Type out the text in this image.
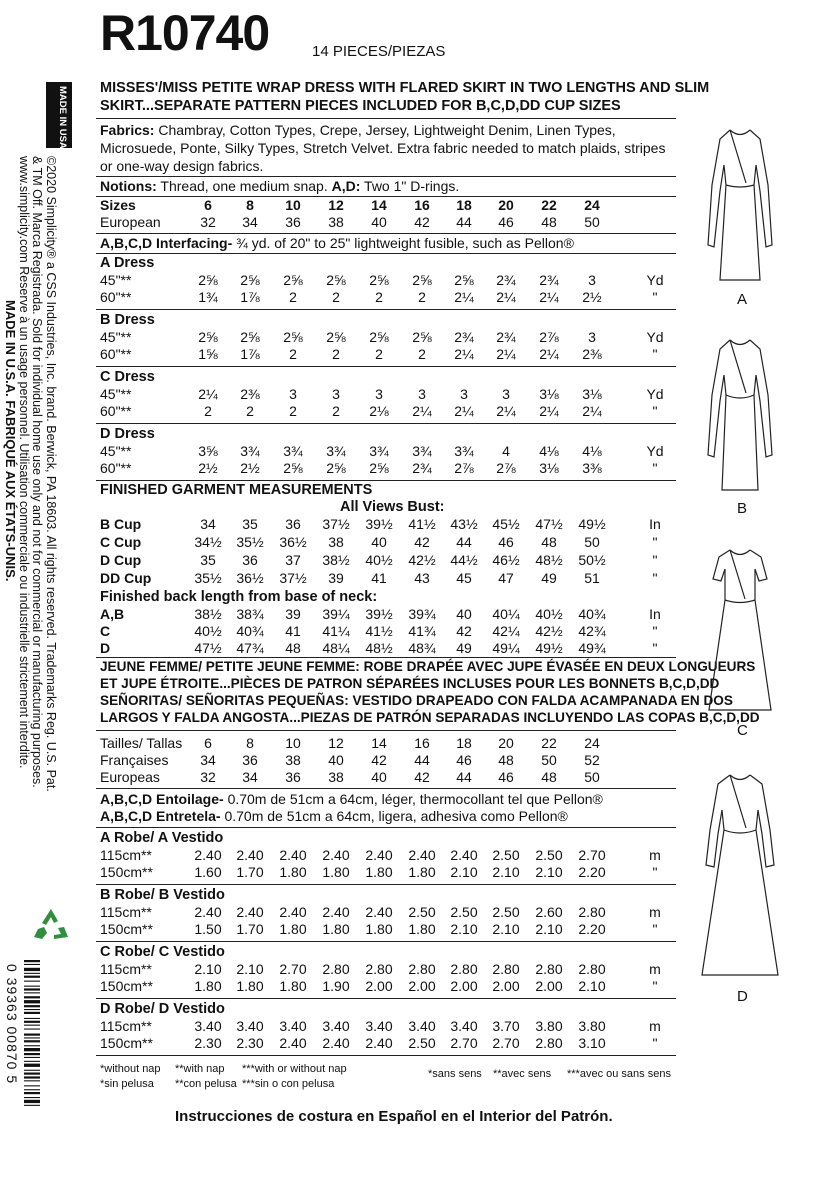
R10740	14 PIECES/PIEZAS
MISSES'/MISS PETITE WRAP DRESS WITH FLARED SKIRT IN TWO LENGTHS AND SLIM
SKIRT...SEPARATE PATTERN PIECES INCLUDED FOR B,C,D,DD CUP SIZES
Fabrics: Chambray, Cotton Types, Crepe, Jersey, Lightweight Denim, Linen Types,
Microsuede, Ponte, Silky Types, Stretch Velvet. Extra fabric needed to match plaids, stripes
or one-way design fabrics.
Notions: Thread, one medium snap. A,D: Two 1" D-rings.
Sizes	6	8	10	12	14	16	18	20	22	24
European	32	34	36	38	40	42	44	46	48	50
A,B,C,D Interfacing- ¾ yd. of 20" to 25" lightweight fusible, such as Pellon®
A Dress
45"**	2⅝	2⅝	2⅝	2⅝	2⅝	2⅝	2⅝	2¾	2¾	3	Yd
60"**	1¾	1⅞	2	2	2	2	2¼	2¼	2¼	2½	"
B Dress
45"**	2⅝	2⅝	2⅝	2⅝	2⅝	2⅝	2¾	2¾	2⅞	3	Yd
60"**	1⅝	1⅞	2	2	2	2	2¼	2¼	2¼	2⅜	"
C Dress
45"**	2¼	2⅜	3	3	3	3	3	3	3⅛	3⅛	Yd
60"**	2	2	2	2	2⅛	2¼	2¼	2¼	2¼	2¼	"
D Dress
45"**	3⅝	3¾	3¾	3¾	3¾	3¾	3¾	4	4⅛	4⅛	Yd
60"**	2½	2½	2⅝	2⅝	2⅝	2¾	2⅞	2⅞	3⅛	3⅜	"
FINISHED GARMENT MEASUREMENTS
All Views Bust:
B Cup	34	35	36	37½	39½	41½	43½	45½	47½	49½	In
C Cup	34½	35½	36½	38	40	42	44	46	48	50	"
D Cup	35	36	37	38½	40½	42½	44½	46½	48½	50½	"
DD Cup	35½	36½	37½	39	41	43	45	47	49	51	"
Finished back length from base of neck:
A,B	38½	38¾	39	39¼	39½	39¾	40	40¼	40½	40¾	In
C	40½	40¾	41	41¼	41½	41¾	42	42¼	42½	42¾	"
D	47½	47¾	48	48¼	48½	48¾	49	49¼	49½	49¾	"
JEUNE FEMME/ PETITE JEUNE FEMME: ROBE DRAPÉE AVEC JUPE ÉVASÉE EN DEUX LONGUEURS
ET JUPE ÉTROITE...PIÈCES DE PATRON SÉPARÉES INCLUSES POUR LES BONNETS B,C,D,DD
SEÑORITAS/ SEÑORITAS PEQUEÑAS: VESTIDO DRAPEADO CON FALDA ACAMPANADA EN DOS
LARGOS Y FALDA ANGOSTA...PIEZAS DE PATRÓN SEPARADAS INCLUYENDO LAS COPAS B,C,D,DD
Tailles/ Tallas	6	8	10	12	14	16	18	20	22	24
Françaises	34	36	38	40	42	44	46	48	50	52
Europeas	32	34	36	38	40	42	44	46	48	50
A,B,C,D Entoilage- 0.70m de 51cm a 64cm, léger, thermocollant tel que Pellon®
A,B,C,D Entretela- 0.70m de 51cm a 64cm, ligera, adhesiva como Pellon®
A Robe/ A Vestido
115cm**	2.40	2.40	2.40	2.40	2.40	2.40	2.40	2.50	2.50	2.70	m
150cm**	1.60	1.70	1.80	1.80	1.80	1.80	2.10	2.10	2.10	2.20	"
B Robe/ B Vestido
115cm**	2.40	2.40	2.40	2.40	2.40	2.50	2.50	2.50	2.60	2.80	m
150cm**	1.50	1.70	1.80	1.80	1.80	1.80	2.10	2.10	2.10	2.20	"
C Robe/ C Vestido
115cm**	2.10	2.10	2.70	2.80	2.80	2.80	2.80	2.80	2.80	2.80	m
150cm**	1.80	1.80	1.80	1.90	2.00	2.00	2.00	2.00	2.00	2.10	"
D Robe/ D Vestido
115cm**	3.40	3.40	3.40	3.40	3.40	3.40	3.40	3.70	3.80	3.80	m
150cm**	2.30	2.30	2.40	2.40	2.40	2.50	2.70	2.70	2.80	3.10	"
*without nap **with nap ***with or without nap
*sin pelusa **con pelusa ***sin o con pelusa
*sans sens **avec sens ***avec ou sans sens
Instrucciones de costura en Español en el Interior del Patrón.
MADE IN USA
©2020 Simplicity® a CSS Industries, Inc. brand. Berwick, PA 18603. All rights reserved. Trademarks Reg. U.S. Pat.
& TM Off. Marca Registrada. Sold for individual home use only and not for commercial or manufacturing purposes.
www.simplicity.com Reserve à un usage personnel. Utilisation commerciale ou industrielle strictement interdite.
MADE IN U.S.A. FABRIQUÉ AUX ÉTATS-UNIS.
0 39363 00870 5
A
B
C
D
